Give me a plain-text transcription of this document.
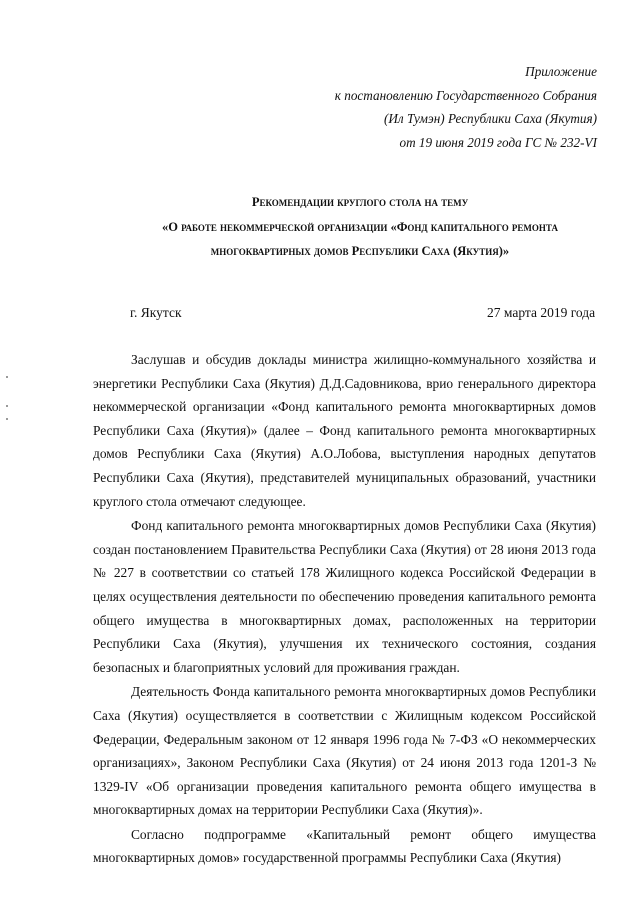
Приложение
к постановлению Государственного Собрания
(Ил Тумэн) Республики Саха (Якутия)
от 19 июня 2019 года ГС № 232-VI
Рекомендации круглого стола на тему
«О работе некоммерческой организации «Фонд капитального ремонта
многоквартирных домов Республики Саха (Якутия)»
г. Якутск	27 марта 2019 года

Заслушав и обсудив доклады министра жилищно-коммунального хозяйства и энергетики Республики Саха (Якутия) Д.Д.Садовникова, врио генерального директора некоммерческой организации «Фонд капитального ремонта многоквартирных домов Республики Саха (Якутия)» (далее – Фонд капитального ремонта многоквартирных домов Республики Саха (Якутия) А.О.Лобова, выступления народных депутатов Республики Саха (Якутия), представителей муниципальных образований, участники круглого стола отмечают следующее.

Фонд капитального ремонта многоквартирных домов Республики Саха (Якутия) создан постановлением Правительства Республики Саха (Якутия) от 28 июня 2013 года № 227 в соответствии со статьей 178 Жилищного кодекса Российской Федерации в целях осуществления деятельности по обеспечению проведения капитального ремонта общего имущества в многоквартирных домах, расположенных на территории Республики Саха (Якутия), улучшения их технического состояния, создания безопасных и благоприятных условий для проживания граждан.

Деятельность Фонда капитального ремонта многоквартирных домов Республики Саха (Якутия) осуществляется в соответствии с Жилищным кодексом Российской Федерации, Федеральным законом от 12 января 1996 года № 7-ФЗ «О некоммерческих организациях», Законом Республики Саха (Якутия) от 24 июня 2013 года 1201-З № 1329-IV «Об организации проведения капитального ремонта общего имущества в многоквартирных домах на территории Республики Саха (Якутия)».

Согласно подпрограмме «Капитальный ремонт общего имущества многоквартирных домов» государственной программы Республики Саха (Якутия)
